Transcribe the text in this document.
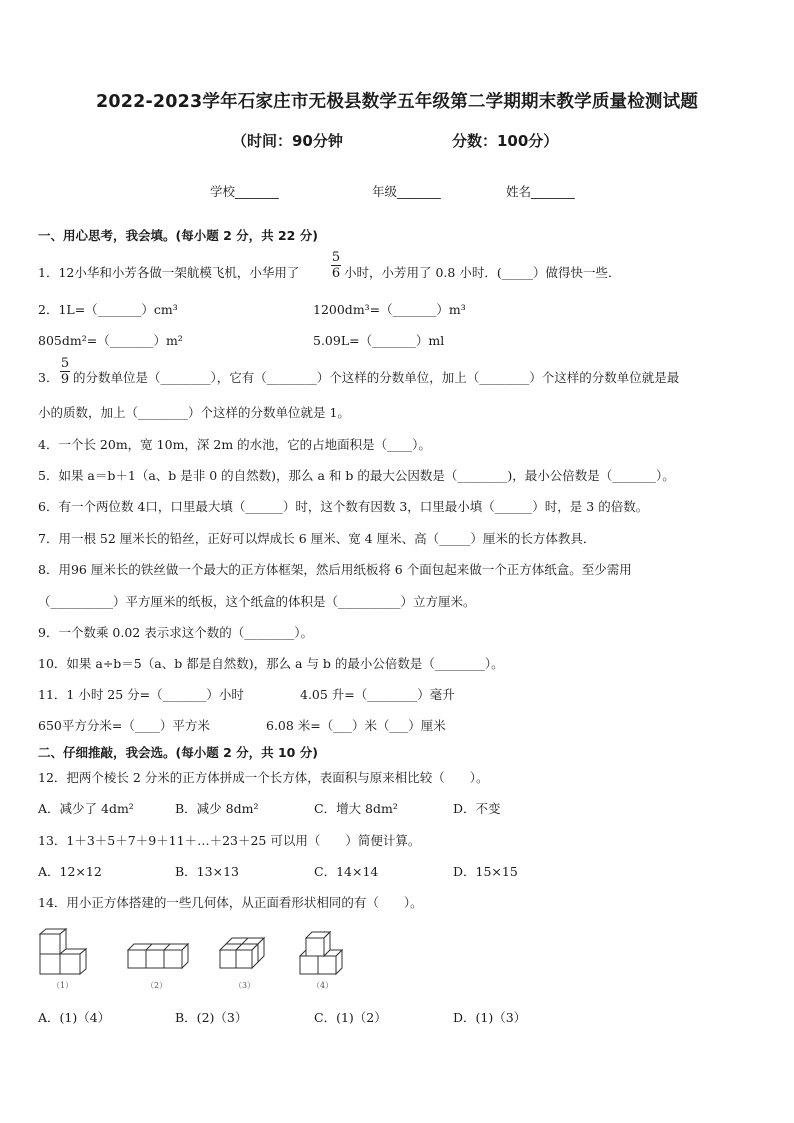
2022-2023学年石家庄市无极县数学五年级第二学期期末教学质量检测试题
（时间：90分钟	分数：100分）
学校_______	年级_______	姓名_______
一、用心思考，我会填。(每小题 2 分，共 22 分)
1．12小华和小芳各做一架航模飞机，小华用了
5
6 小时，小芳用了 0.8 小时．(_____）做得快一些．
2．1L=（_______）cm³	1200dm³=（_______）m³
805dm²=（_______）m²	5.09L=（_______）ml
3．
5
9 的分数单位是（________），它有（________）个这样的分数单位，加上（________）个这样的分数单位就是最
小的质数，加上（________）个这样的分数单位就是 1。
4．一个长 20m，宽 10m，深 2m 的水池，它的占地面积是（____）。
5．如果 a＝b＋1（a、b 是非 0 的自然数)，那么 a 和 b 的最大公因数是（________)，最小公倍数是（_______）。
6．有一个两位数 4口，口里最大填（______）时，这个数有因数 3，口里最小填（______）时，是 3 的倍数。
7．用一根 52 厘米长的铅丝，正好可以焊成长 6 厘米、宽 4 厘米、高（_____）厘米的长方体教具．
8．用96 厘米长的铁丝做一个最大的正方体框架，然后用纸板将 6 个面包起来做一个正方体纸盒。至少需用
（__________）平方厘米的纸板，这个纸盒的体积是（__________）立方厘米。
9．一个数乘 0.02 表示求这个数的（________）。
10．如果 a÷b＝5（a、b 都是自然数)，那么 a 与 b 的最小公倍数是（________）。
11．1 小时 25 分=（_______）小时	4.05 升=（________）毫升
650平方分米=（____）平方米	6.08 米=（___）米（___）厘米
二、仔细推敲，我会选。(每小题 2 分，共 10 分)
12．把两个棱长 2 分米的正方体拼成一个长方体，表面积与原来相比较（　　）。
A．减少了 4dm²	B．减少 8dm²	C．增大 8dm²	D．不变
13．1＋3＋5＋7＋9＋11＋…＋23＋25 可以用（　　）简便计算。
A．12×12	B．13×13	C．14×14	D．15×15
14．用小正方体搭建的一些几何体，从正面看形状相同的有（　　）。
（1）	（2）	（3）	（4）
A．(1)（4）	B．(2)（3）	C．(1)（2）	D．(1)（3）
